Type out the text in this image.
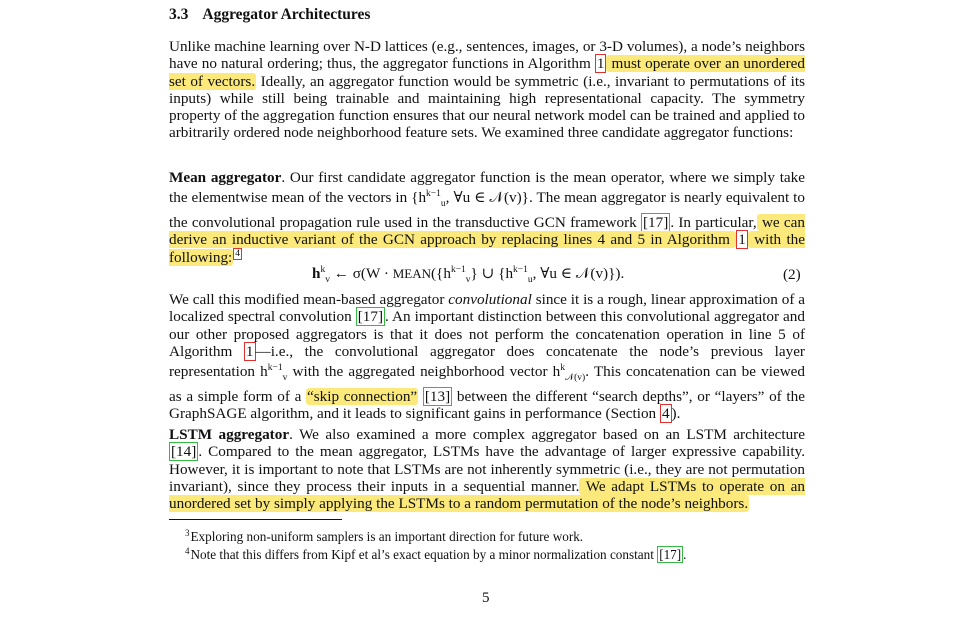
3.3 Aggregator Architectures
Unlike machine learning over N-D lattices (e.g., sentences, images, or 3-D volumes), a node’s neighbors have no natural ordering; thus, the aggregator functions in Algorithm 1 must operate over an unordered set of vectors. Ideally, an aggregator function would be symmetric (i.e., invariant to permutations of its inputs) while still being trainable and maintaining high representational capacity. The symmetry property of the aggregation function ensures that our neural network model can be trained and applied to arbitrarily ordered node neighborhood feature sets. We examined three candidate aggregator functions:
Mean aggregator. Our first candidate aggregator function is the mean operator, where we simply take the elementwise mean of the vectors in {$h^{k-1}_u$, ∀u ∈ 𝒩(v)}. The mean aggregator is nearly equivalent to the convolutional propagation rule used in the transductive GCN framework [17] . In particular, we can derive an inductive variant of the GCN approach by replacing lines 4 and 5 in Algorithm 1 with the following: $^4$
$h^k_v$ ← $\sigma(W \cdot MEAN(\{h^{k-1}_v\}$ ∪ {$h^{k-1}_u$, ∀u ∈ 𝒩(v)}).	(2)
We call this modified mean-based aggregator convolutional since it is a rough, linear approximation of a localized spectral convolution [17] . An important distinction between this convolutional aggregator and our other proposed aggregators is that it does not perform the concatenation operation in line 5 of Algorithm 1 —i.e., the convolutional aggregator does concatenate the node’s previous layer representation $h^{k-1}_v$ with the aggregated neighborhood vector $h^k_{𝒩(v)}$. This concatenation can be viewed as a simple form of a “skip connection” [13] between the different “search depths”, or “layers” of the GraphSAGE algorithm, and it leads to significant gains in performance (Section 4 ).
LSTM aggregator. We also examined a more complex aggregator based on an LSTM architecture [14] . Compared to the mean aggregator, LSTMs have the advantage of larger expressive capability. However, it is important to note that LSTMs are not inherently symmetric (i.e., they are not permutation invariant), since they process their inputs in a sequential manner. We adapt LSTMs to operate on an unordered set by simply applying the LSTMs to a random permutation of the node’s neighbors.
$^3$Exploring non-uniform samplers is an important direction for future work.
$^4$Note that this differs from Kipf et al’s exact equation by a minor normalization constant [17] .
5
